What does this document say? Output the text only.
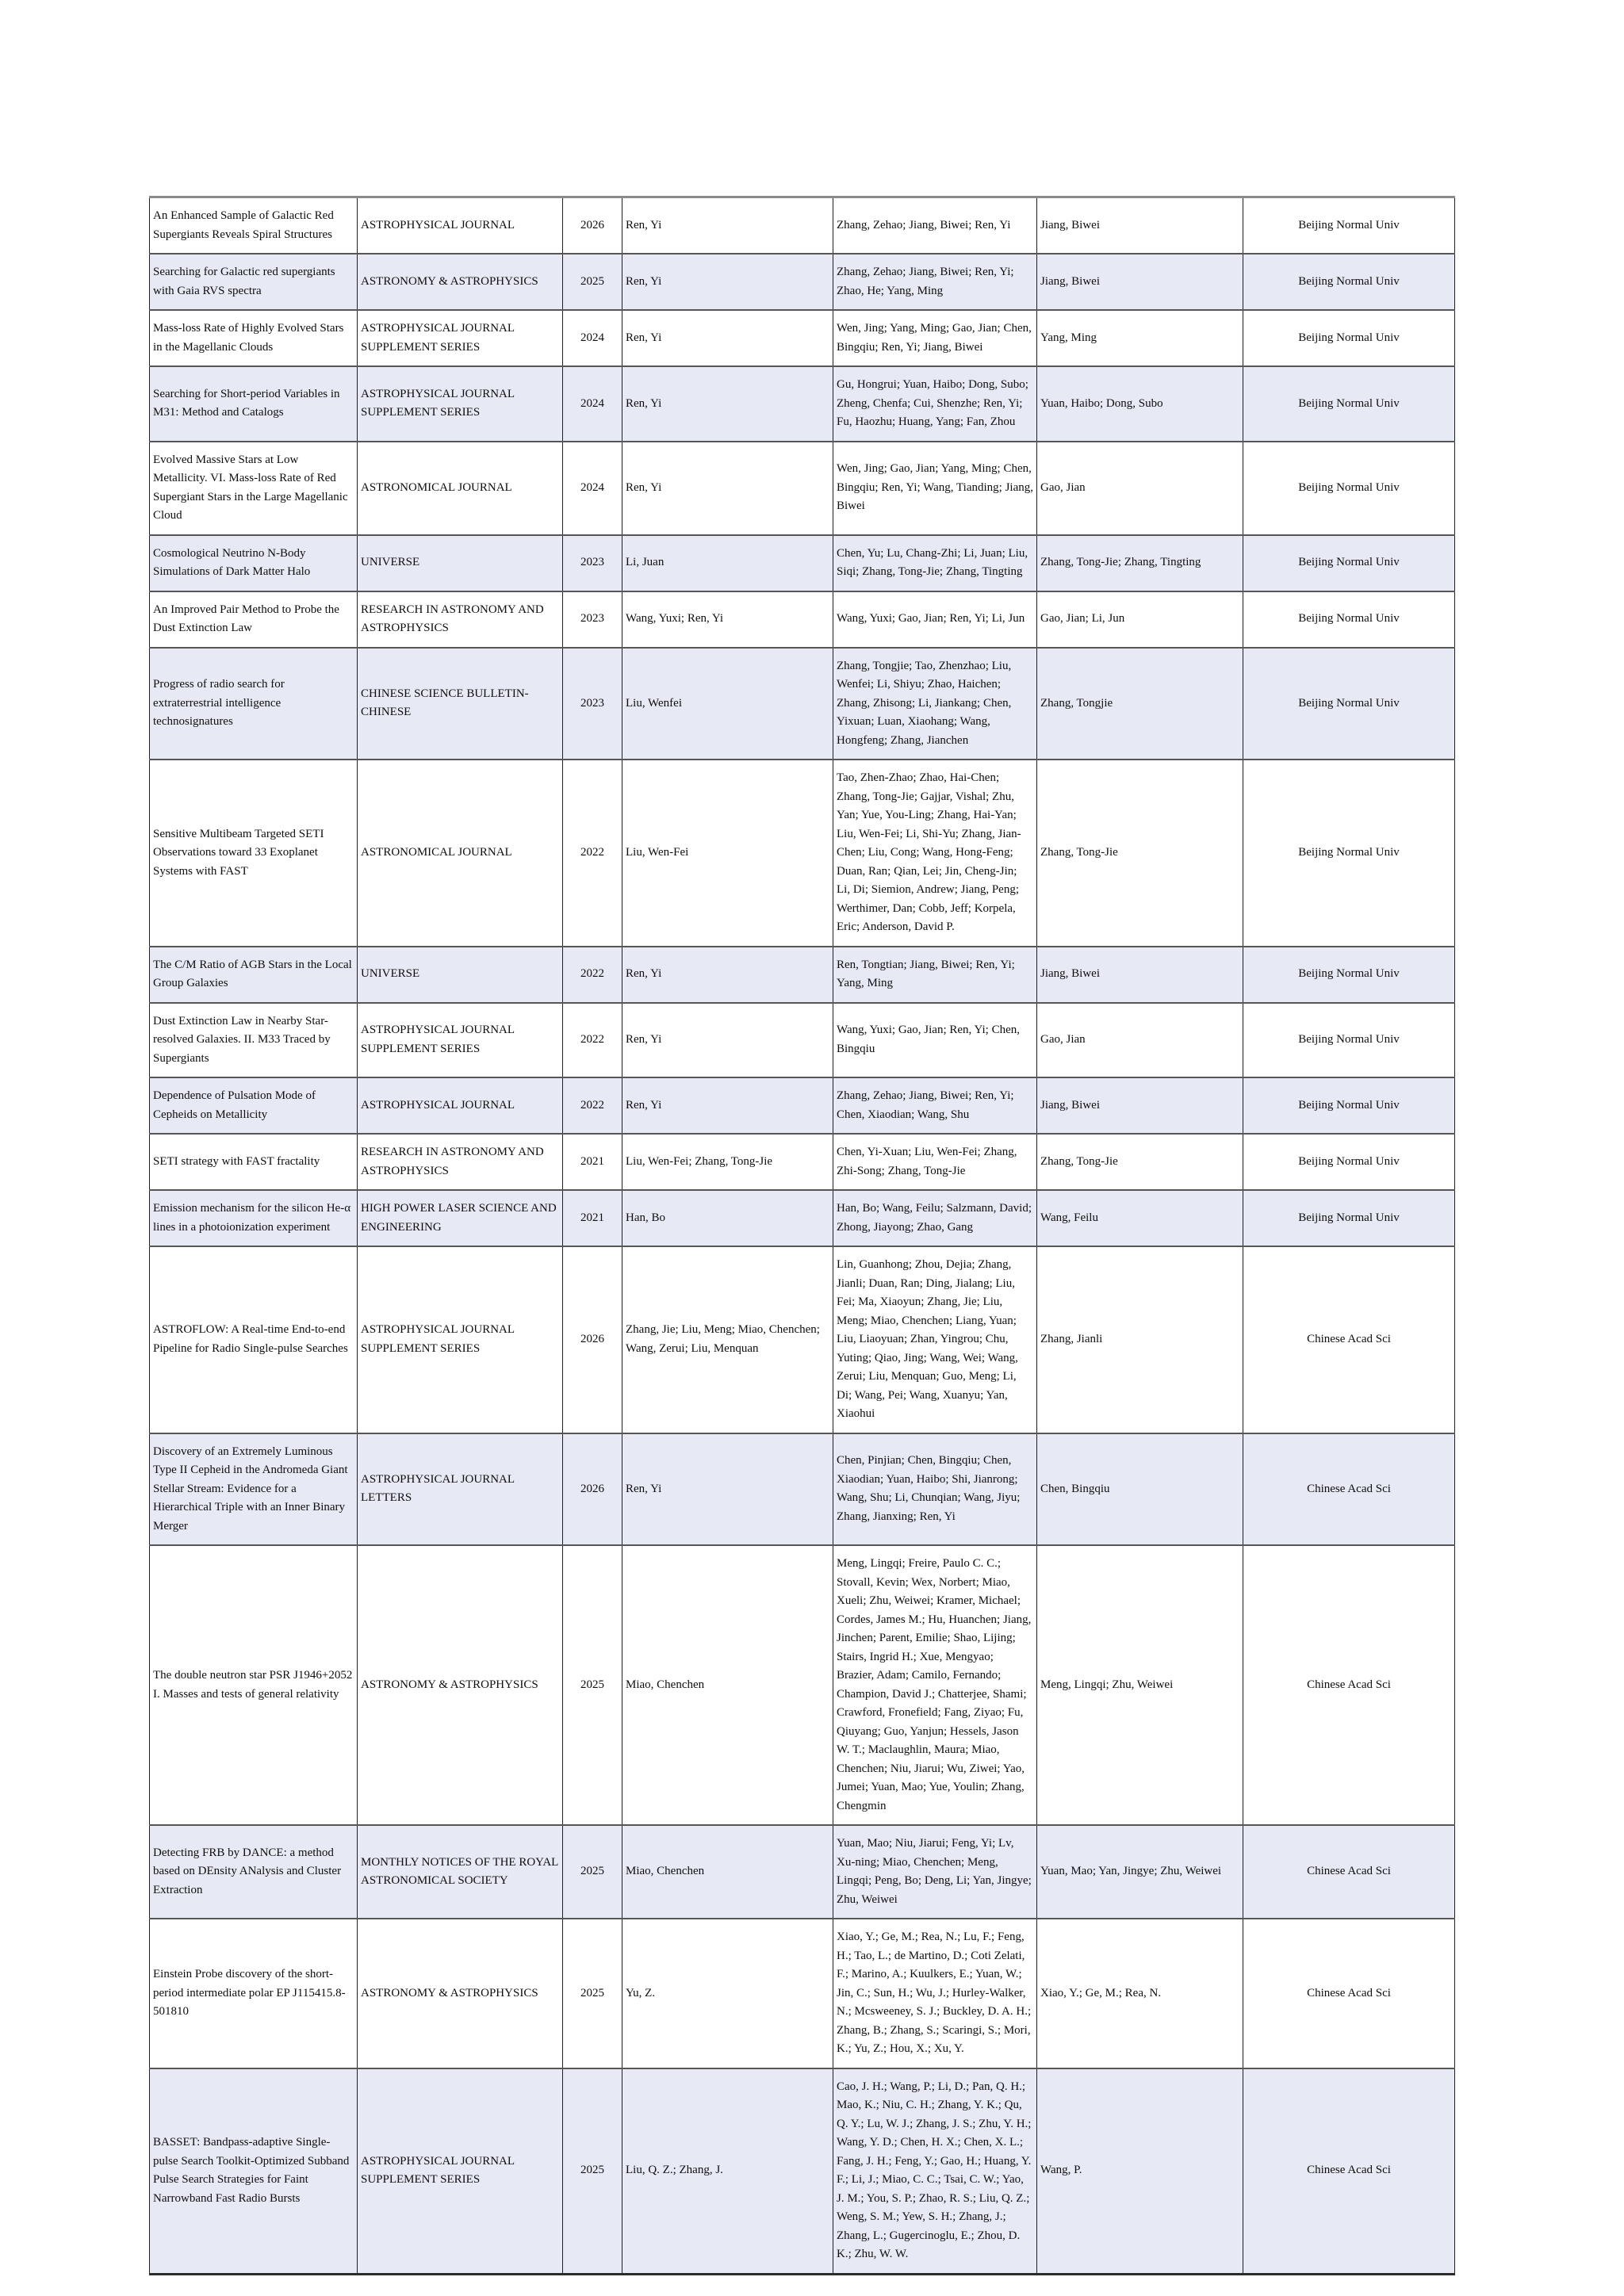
An Enhanced Sample of Galactic Red Supergiants Reveals Spiral Structures	ASTROPHYSICAL JOURNAL	2026	Ren, Yi	Zhang, Zehao; Jiang, Biwei; Ren, Yi	Jiang, Biwei	Beijing Normal Univ
Searching for Galactic red supergiants with Gaia RVS spectra	ASTRONOMY & ASTROPHYSICS	2025	Ren, Yi	Zhang, Zehao; Jiang, Biwei; Ren, Yi; Zhao, He; Yang, Ming	Jiang, Biwei	Beijing Normal Univ
Mass-loss Rate of Highly Evolved Stars in the Magellanic Clouds	ASTROPHYSICAL JOURNAL SUPPLEMENT SERIES	2024	Ren, Yi	Wen, Jing; Yang, Ming; Gao, Jian; Chen, Bingqiu; Ren, Yi; Jiang, Biwei	Yang, Ming	Beijing Normal Univ
Searching for Short-period Variables in M31: Method and Catalogs	ASTROPHYSICAL JOURNAL SUPPLEMENT SERIES	2024	Ren, Yi	Gu, Hongrui; Yuan, Haibo; Dong, Subo; Zheng, Chenfa; Cui, Shenzhe; Ren, Yi; Fu, Haozhu; Huang, Yang; Fan, Zhou	Yuan, Haibo; Dong, Subo	Beijing Normal Univ
Evolved Massive Stars at Low Metallicity. VI. Mass-loss Rate of Red Supergiant Stars in the Large Magellanic Cloud	ASTRONOMICAL JOURNAL	2024	Ren, Yi	Wen, Jing; Gao, Jian; Yang, Ming; Chen, Bingqiu; Ren, Yi; Wang, Tianding; Jiang, Biwei	Gao, Jian	Beijing Normal Univ
Cosmological Neutrino N-Body Simulations of Dark Matter Halo	UNIVERSE	2023	Li, Juan	Chen, Yu; Lu, Chang-Zhi; Li, Juan; Liu, Siqi; Zhang, Tong-Jie; Zhang, Tingting	Zhang, Tong-Jie; Zhang, Tingting	Beijing Normal Univ
An Improved Pair Method to Probe the Dust Extinction Law	RESEARCH IN ASTRONOMY AND ASTROPHYSICS	2023	Wang, Yuxi; Ren, Yi	Wang, Yuxi; Gao, Jian; Ren, Yi; Li, Jun	Gao, Jian; Li, Jun	Beijing Normal Univ
Progress of radio search for extraterrestrial intelligence technosignatures	CHINESE SCIENCE BULLETIN-CHINESE	2023	Liu, Wenfei	Zhang, Tongjie; Tao, Zhenzhao; Liu, Wenfei; Li, Shiyu; Zhao, Haichen; Zhang, Zhisong; Li, Jiankang; Chen, Yixuan; Luan, Xiaohang; Wang, Hongfeng; Zhang, Jianchen	Zhang, Tongjie	Beijing Normal Univ
Sensitive Multibeam Targeted SETI Observations toward 33 Exoplanet Systems with FAST	ASTRONOMICAL JOURNAL	2022	Liu, Wen-Fei	Tao, Zhen-Zhao; Zhao, Hai-Chen; Zhang, Tong-Jie; Gajjar, Vishal; Zhu, Yan; Yue, You-Ling; Zhang, Hai-Yan; Liu, Wen-Fei; Li, Shi-Yu; Zhang, Jian-Chen; Liu, Cong; Wang, Hong-Feng; Duan, Ran; Qian, Lei; Jin, Cheng-Jin; Li, Di; Siemion, Andrew; Jiang, Peng; Werthimer, Dan; Cobb, Jeff; Korpela, Eric; Anderson, David P.	Zhang, Tong-Jie	Beijing Normal Univ
The C/M Ratio of AGB Stars in the Local Group Galaxies	UNIVERSE	2022	Ren, Yi	Ren, Tongtian; Jiang, Biwei; Ren, Yi; Yang, Ming	Jiang, Biwei	Beijing Normal Univ
Dust Extinction Law in Nearby Star-resolved Galaxies. II. M33 Traced by Supergiants	ASTROPHYSICAL JOURNAL SUPPLEMENT SERIES	2022	Ren, Yi	Wang, Yuxi; Gao, Jian; Ren, Yi; Chen, Bingqiu	Gao, Jian	Beijing Normal Univ
Dependence of Pulsation Mode of Cepheids on Metallicity	ASTROPHYSICAL JOURNAL	2022	Ren, Yi	Zhang, Zehao; Jiang, Biwei; Ren, Yi; Chen, Xiaodian; Wang, Shu	Jiang, Biwei	Beijing Normal Univ
SETI strategy with FAST fractality	RESEARCH IN ASTRONOMY AND ASTROPHYSICS	2021	Liu, Wen-Fei; Zhang, Tong-Jie	Chen, Yi-Xuan; Liu, Wen-Fei; Zhang, Zhi-Song; Zhang, Tong-Jie	Zhang, Tong-Jie	Beijing Normal Univ
Emission mechanism for the silicon He-α lines in a photoionization experiment	HIGH POWER LASER SCIENCE AND ENGINEERING	2021	Han, Bo	Han, Bo; Wang, Feilu; Salzmann, David; Zhong, Jiayong; Zhao, Gang	Wang, Feilu	Beijing Normal Univ
ASTROFLOW: A Real-time End-to-end Pipeline for Radio Single-pulse Searches	ASTROPHYSICAL JOURNAL SUPPLEMENT SERIES	2026	Zhang, Jie; Liu, Meng; Miao, Chenchen; Wang, Zerui; Liu, Menquan	Lin, Guanhong; Zhou, Dejia; Zhang, Jianli; Duan, Ran; Ding, Jialang; Liu, Fei; Ma, Xiaoyun; Zhang, Jie; Liu, Meng; Miao, Chenchen; Liang, Yuan; Liu, Liaoyuan; Zhan, Yingrou; Chu, Yuting; Qiao, Jing; Wang, Wei; Wang, Zerui; Liu, Menquan; Guo, Meng; Li, Di; Wang, Pei; Wang, Xuanyu; Yan, Xiaohui	Zhang, Jianli	Chinese Acad Sci
Discovery of an Extremely Luminous Type II Cepheid in the Andromeda Giant Stellar Stream: Evidence for a Hierarchical Triple with an Inner Binary Merger	ASTROPHYSICAL JOURNAL LETTERS	2026	Ren, Yi	Chen, Pinjian; Chen, Bingqiu; Chen, Xiaodian; Yuan, Haibo; Shi, Jianrong; Wang, Shu; Li, Chunqian; Wang, Jiyu; Zhang, Jianxing; Ren, Yi	Chen, Bingqiu	Chinese Acad Sci
The double neutron star PSR J1946+2052 I. Masses and tests of general relativity	ASTRONOMY & ASTROPHYSICS	2025	Miao, Chenchen	Meng, Lingqi; Freire, Paulo C. C.; Stovall, Kevin; Wex, Norbert; Miao, Xueli; Zhu, Weiwei; Kramer, Michael; Cordes, James M.; Hu, Huanchen; Jiang, Jinchen; Parent, Emilie; Shao, Lijing; Stairs, Ingrid H.; Xue, Mengyao; Brazier, Adam; Camilo, Fernando; Champion, David J.; Chatterjee, Shami; Crawford, Fronefield; Fang, Ziyao; Fu, Qiuyang; Guo, Yanjun; Hessels, Jason W. T.; Maclaughlin, Maura; Miao, Chenchen; Niu, Jiarui; Wu, Ziwei; Yao, Jumei; Yuan, Mao; Yue, Youlin; Zhang, Chengmin	Meng, Lingqi; Zhu, Weiwei	Chinese Acad Sci
Detecting FRB by DANCE: a method based on DEnsity ANalysis and Cluster Extraction	MONTHLY NOTICES OF THE ROYAL ASTRONOMICAL SOCIETY	2025	Miao, Chenchen	Yuan, Mao; Niu, Jiarui; Feng, Yi; Lv, Xu-ning; Miao, Chenchen; Meng, Lingqi; Peng, Bo; Deng, Li; Yan, Jingye; Zhu, Weiwei	Yuan, Mao; Yan, Jingye; Zhu, Weiwei	Chinese Acad Sci
Einstein Probe discovery of the short-period intermediate polar EP J115415.8-501810	ASTRONOMY & ASTROPHYSICS	2025	Yu, Z.	Xiao, Y.; Ge, M.; Rea, N.; Lu, F.; Feng, H.; Tao, L.; de Martino, D.; Coti Zelati, F.; Marino, A.; Kuulkers, E.; Yuan, W.; Jin, C.; Sun, H.; Wu, J.; Hurley-Walker, N.; Mcsweeney, S. J.; Buckley, D. A. H.; Zhang, B.; Zhang, S.; Scaringi, S.; Mori, K.; Yu, Z.; Hou, X.; Xu, Y.	Xiao, Y.; Ge, M.; Rea, N.	Chinese Acad Sci
BASSET: Bandpass-adaptive Single-pulse Search Toolkit-Optimized Subband Pulse Search Strategies for Faint Narrowband Fast Radio Bursts	ASTROPHYSICAL JOURNAL SUPPLEMENT SERIES	2025	Liu, Q. Z.; Zhang, J.	Cao, J. H.; Wang, P.; Li, D.; Pan, Q. H.; Mao, K.; Niu, C. H.; Zhang, Y. K.; Qu, Q. Y.; Lu, W. J.; Zhang, J. S.; Zhu, Y. H.; Wang, Y. D.; Chen, H. X.; Chen, X. L.; Fang, J. H.; Feng, Y.; Gao, H.; Huang, Y. F.; Li, J.; Miao, C. C.; Tsai, C. W.; Yao, J. M.; You, S. P.; Zhao, R. S.; Liu, Q. Z.; Weng, S. M.; Yew, S. H.; Zhang, J.; Zhang, L.; Gugercinoglu, E.; Zhou, D. K.; Zhu, W. W.	Wang, P.	Chinese Acad Sci
